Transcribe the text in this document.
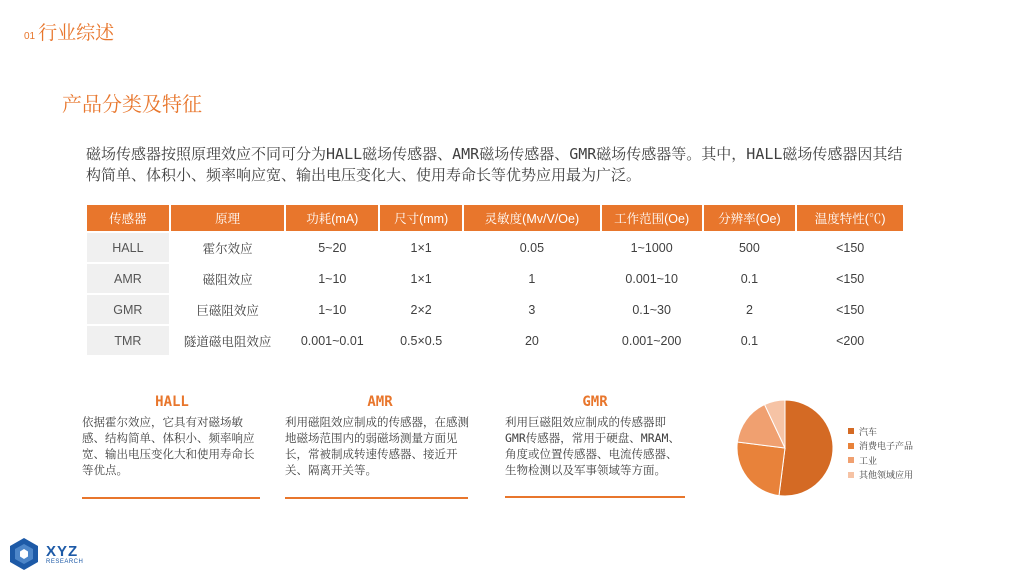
01 行业综述
产品分类及特征
磁场传感器按照原理效应不同可分为HALL磁场传感器、AMR磁场传感器、GMR磁场传感器等。其中，HALL磁场传感器因其结构简单、体积小、频率响应宽、输出电压变化大、使用寿命长等优势应用最为广泛。
传感器	原理	功耗(mA)	尺寸(mm)	灵敏度(Mv/V/Oe)	工作范围(Oe)	分辨率(Oe)	温度特性(℃)
HALL	霍尔效应	5~20	1×1	0.05	1~1000	500	<150
AMR	磁阻效应	1~10	1×1	1	0.001~10	0.1	<150
GMR	巨磁阻效应	1~10	2×2	3	0.1~30	2	<150
TMR	隧道磁电阻效应	0.001~0.01	0.5×0.5	20	0.001~200	0.1	<200
HALL
依据霍尔效应，它具有对磁场敏感、结构简单、体积小、频率响应宽、输出电压变化大和使用寿命长等优点。
AMR
利用磁阻效应制成的传感器，在感测地磁场范围内的弱磁场测量方面见长，常被制成转速传感器、接近开关、隔离开关等。
GMR
利用巨磁阻效应制成的传感器即GMR传感器，常用于硬盘、MRAM、角度或位置传感器、电流传感器、生物检测以及军事领域等方面。
汽车
消费电子产品
工业
其他领域应用
XYZ
RESEARCH
